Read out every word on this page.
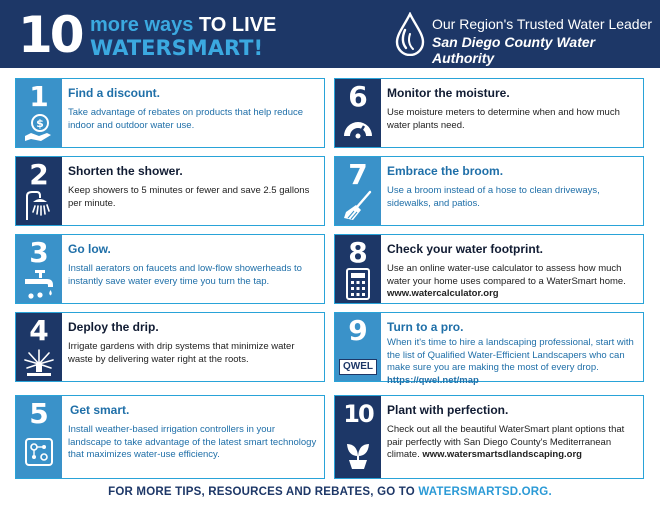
10 more ways TO LIVE
WATERSMART!
Our Region's Trusted Water Leader
San Diego County Water Authority
1
$
Find a discount.
Take advantage of rebates on products that help reduce indoor and outdoor water use.
2	Shorten the shower.
Keep showers to 5 minutes or fewer and save 2.5 gallons per minute.
3	Go low.
Install aerators on faucets and low-flow showerheads to instantly save water every time you turn the tap.
4	Deploy the drip.
Irrigate gardens with drip systems that minimize water waste by delivering water right at the roots.
5	Get smart.
Install weather-based irrigation controllers in your landscape to take advantage of the latest smart technology that maximizes water-use efficiency.
6	Monitor the moisture.
Use moisture meters to determine when and how much water plants need.
7	Embrace the broom.
Use a broom instead of a hose to clean driveways, sidewalks, and patios.
8	Check your water footprint.
Use an online water-use calculator to assess how much water your home uses compared to a WaterSmart home. www.watercalculator.org
9
QWEL
Turn to a pro.
When it's time to hire a landscaping professional, start with the list of Qualified Water-Efficient Landscapers who can make sure you are making the most of every drop. https://qwel.net/map
10	Plant with perfection.
Check out all the beautiful WaterSmart plant options that pair perfectly with San Diego County's Mediterranean climate. www.watersmartsdlandscaping.org
FOR MORE TIPS, RESOURCES AND REBATES, GO TO WATERSMARTSD.ORG.
